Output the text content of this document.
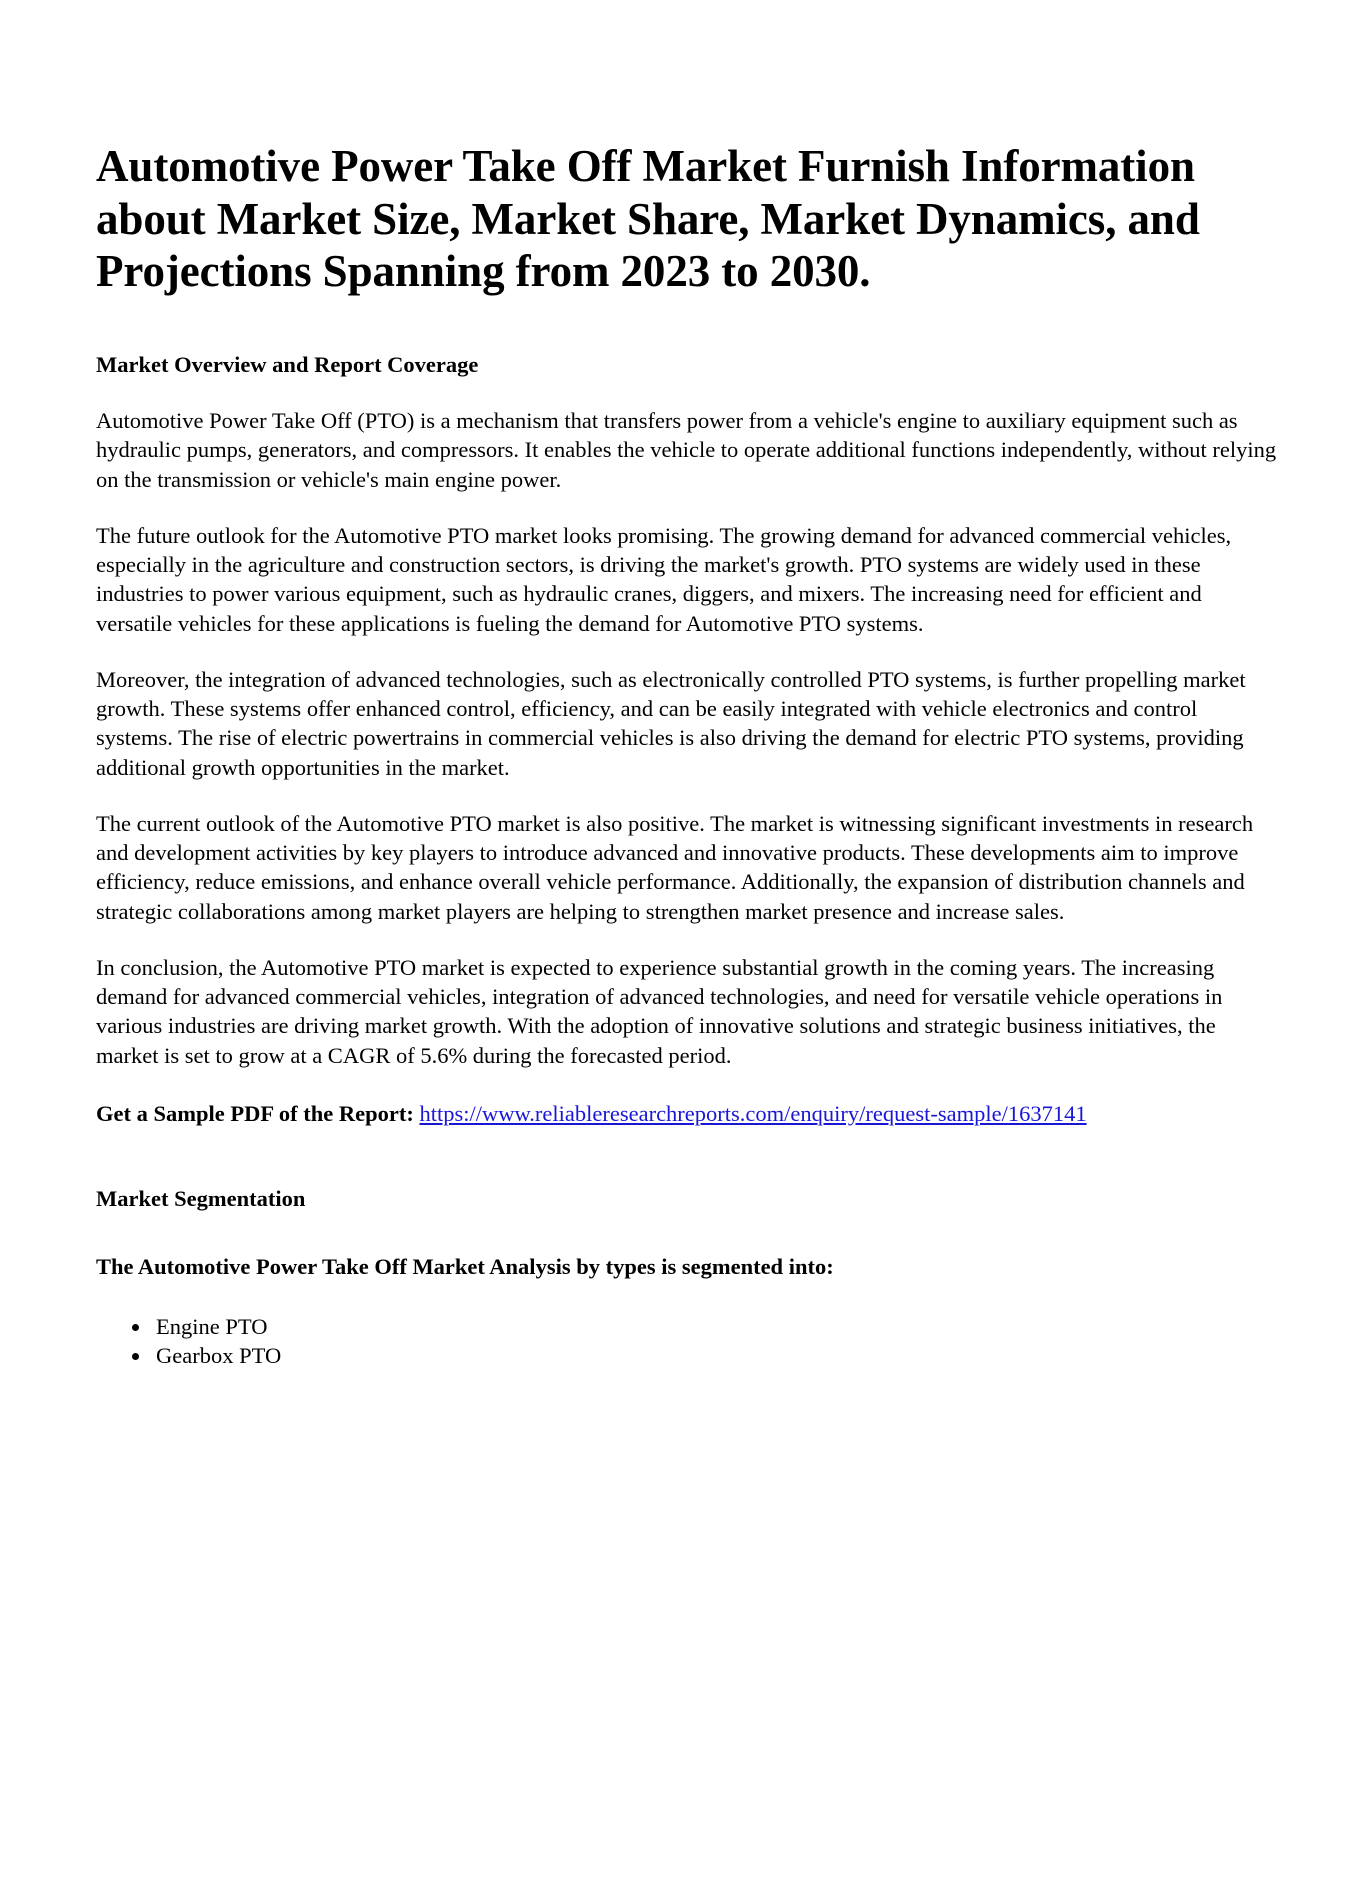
Automotive Power Take Off Market Furnish Information about Market Size, Market Share, Market Dynamics, and Projections Spanning from 2023 to 2030.
Market Overview and Report Coverage

Automotive Power Take Off (PTO) is a mechanism that transfers power from a vehicle's engine to auxiliary equipment such as hydraulic pumps, generators, and compressors. It enables the vehicle to operate additional functions independently, without relying on the transmission or vehicle's main engine power.

The future outlook for the Automotive PTO market looks promising. The growing demand for advanced commercial vehicles, especially in the agriculture and construction sectors, is driving the market's growth. PTO systems are widely used in these industries to power various equipment, such as hydraulic cranes, diggers, and mixers. The increasing need for efficient and versatile vehicles for these applications is fueling the demand for Automotive PTO systems.

Moreover, the integration of advanced technologies, such as electronically controlled PTO systems, is further propelling market growth. These systems offer enhanced control, efficiency, and can be easily integrated with vehicle electronics and control systems. The rise of electric powertrains in commercial vehicles is also driving the demand for electric PTO systems, providing additional growth opportunities in the market.

The current outlook of the Automotive PTO market is also positive. The market is witnessing significant investments in research and development activities by key players to introduce advanced and innovative products. These developments aim to improve efficiency, reduce emissions, and enhance overall vehicle performance. Additionally, the expansion of distribution channels and strategic collaborations among market players are helping to strengthen market presence and increase sales.

In conclusion, the Automotive PTO market is expected to experience substantial growth in the coming years. The increasing demand for advanced commercial vehicles, integration of advanced technologies, and need for versatile vehicle operations in various industries are driving market growth. With the adoption of innovative solutions and strategic business initiatives, the market is set to grow at a CAGR of 5.6% during the forecasted period.

Get a Sample PDF of the Report: https://www.reliableresearchreports.com/enquiry/request-sample/1637141

Market Segmentation
The Automotive Power Take Off Market Analysis by types is segmented into:
• Engine PTO
• Gearbox PTO
